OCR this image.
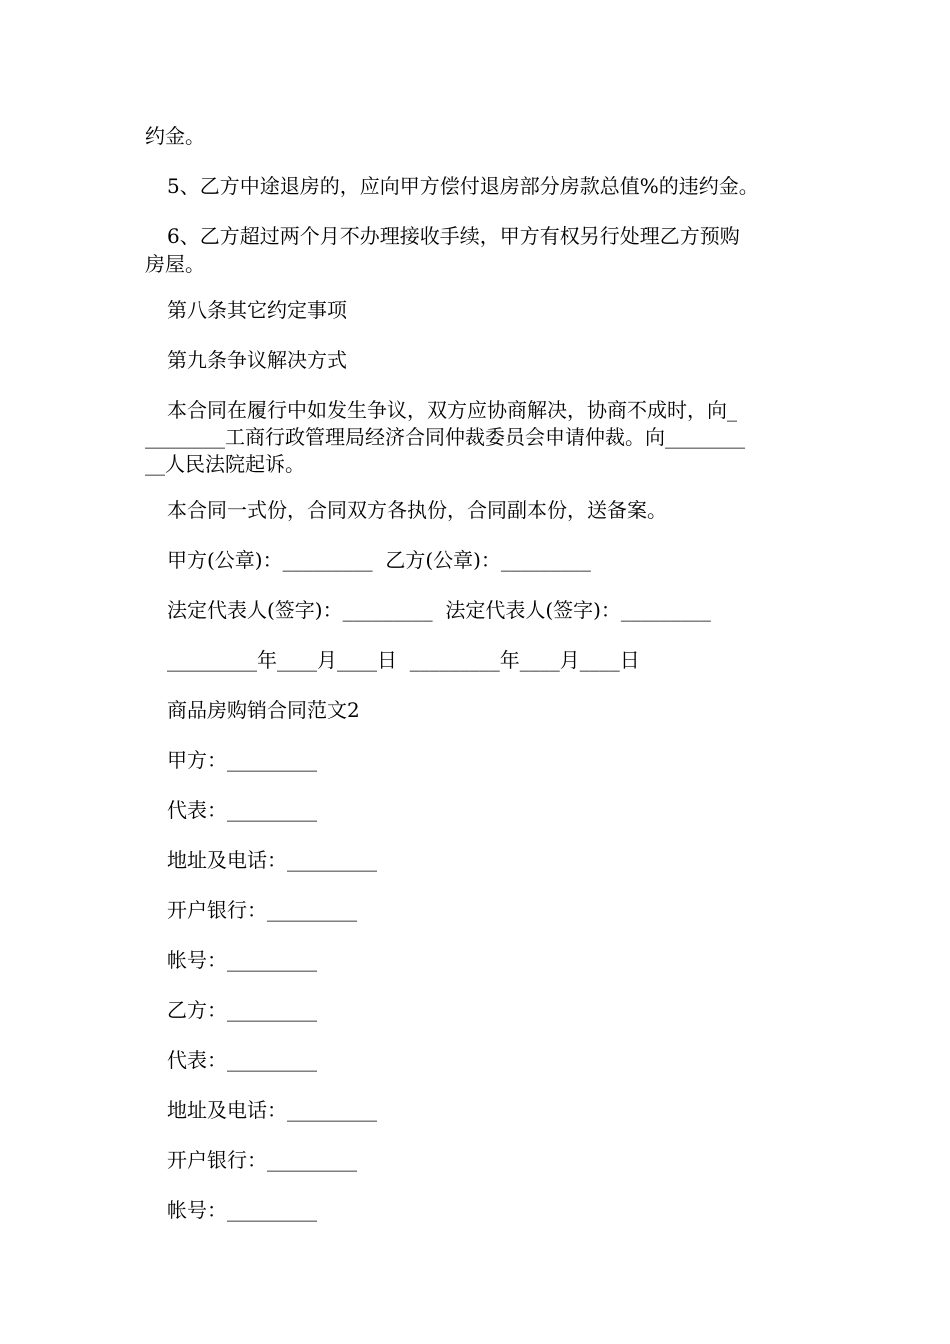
约金。

5、乙方中途退房的，应向甲方偿付退房部分房款总值%的违约金。

6、乙方超过两个月不办理接收手续，甲方有权另行处理乙方预购

房屋。

第八条其它约定事项

第九条争议解决方式

本合同在履行中如发生争议，双方应协商解决，协商不成时，向_

________工商行政管理局经济合同仲裁委员会申请仲裁。向________

__人民法院起诉。

本合同一式份，合同双方各执份，合同副本份，送备案。

甲方(公章)：_________  乙方(公章)：_________

法定代表人(签字)：_________  法定代表人(签字)：_________

_________年____月____日  _________年____月____日

商品房购销合同范文2

甲方：_________

代表：_________

地址及电话：_________

开户银行：_________

帐号：_________

乙方：_________

代表：_________

地址及电话：_________

开户银行：_________

帐号：_________
